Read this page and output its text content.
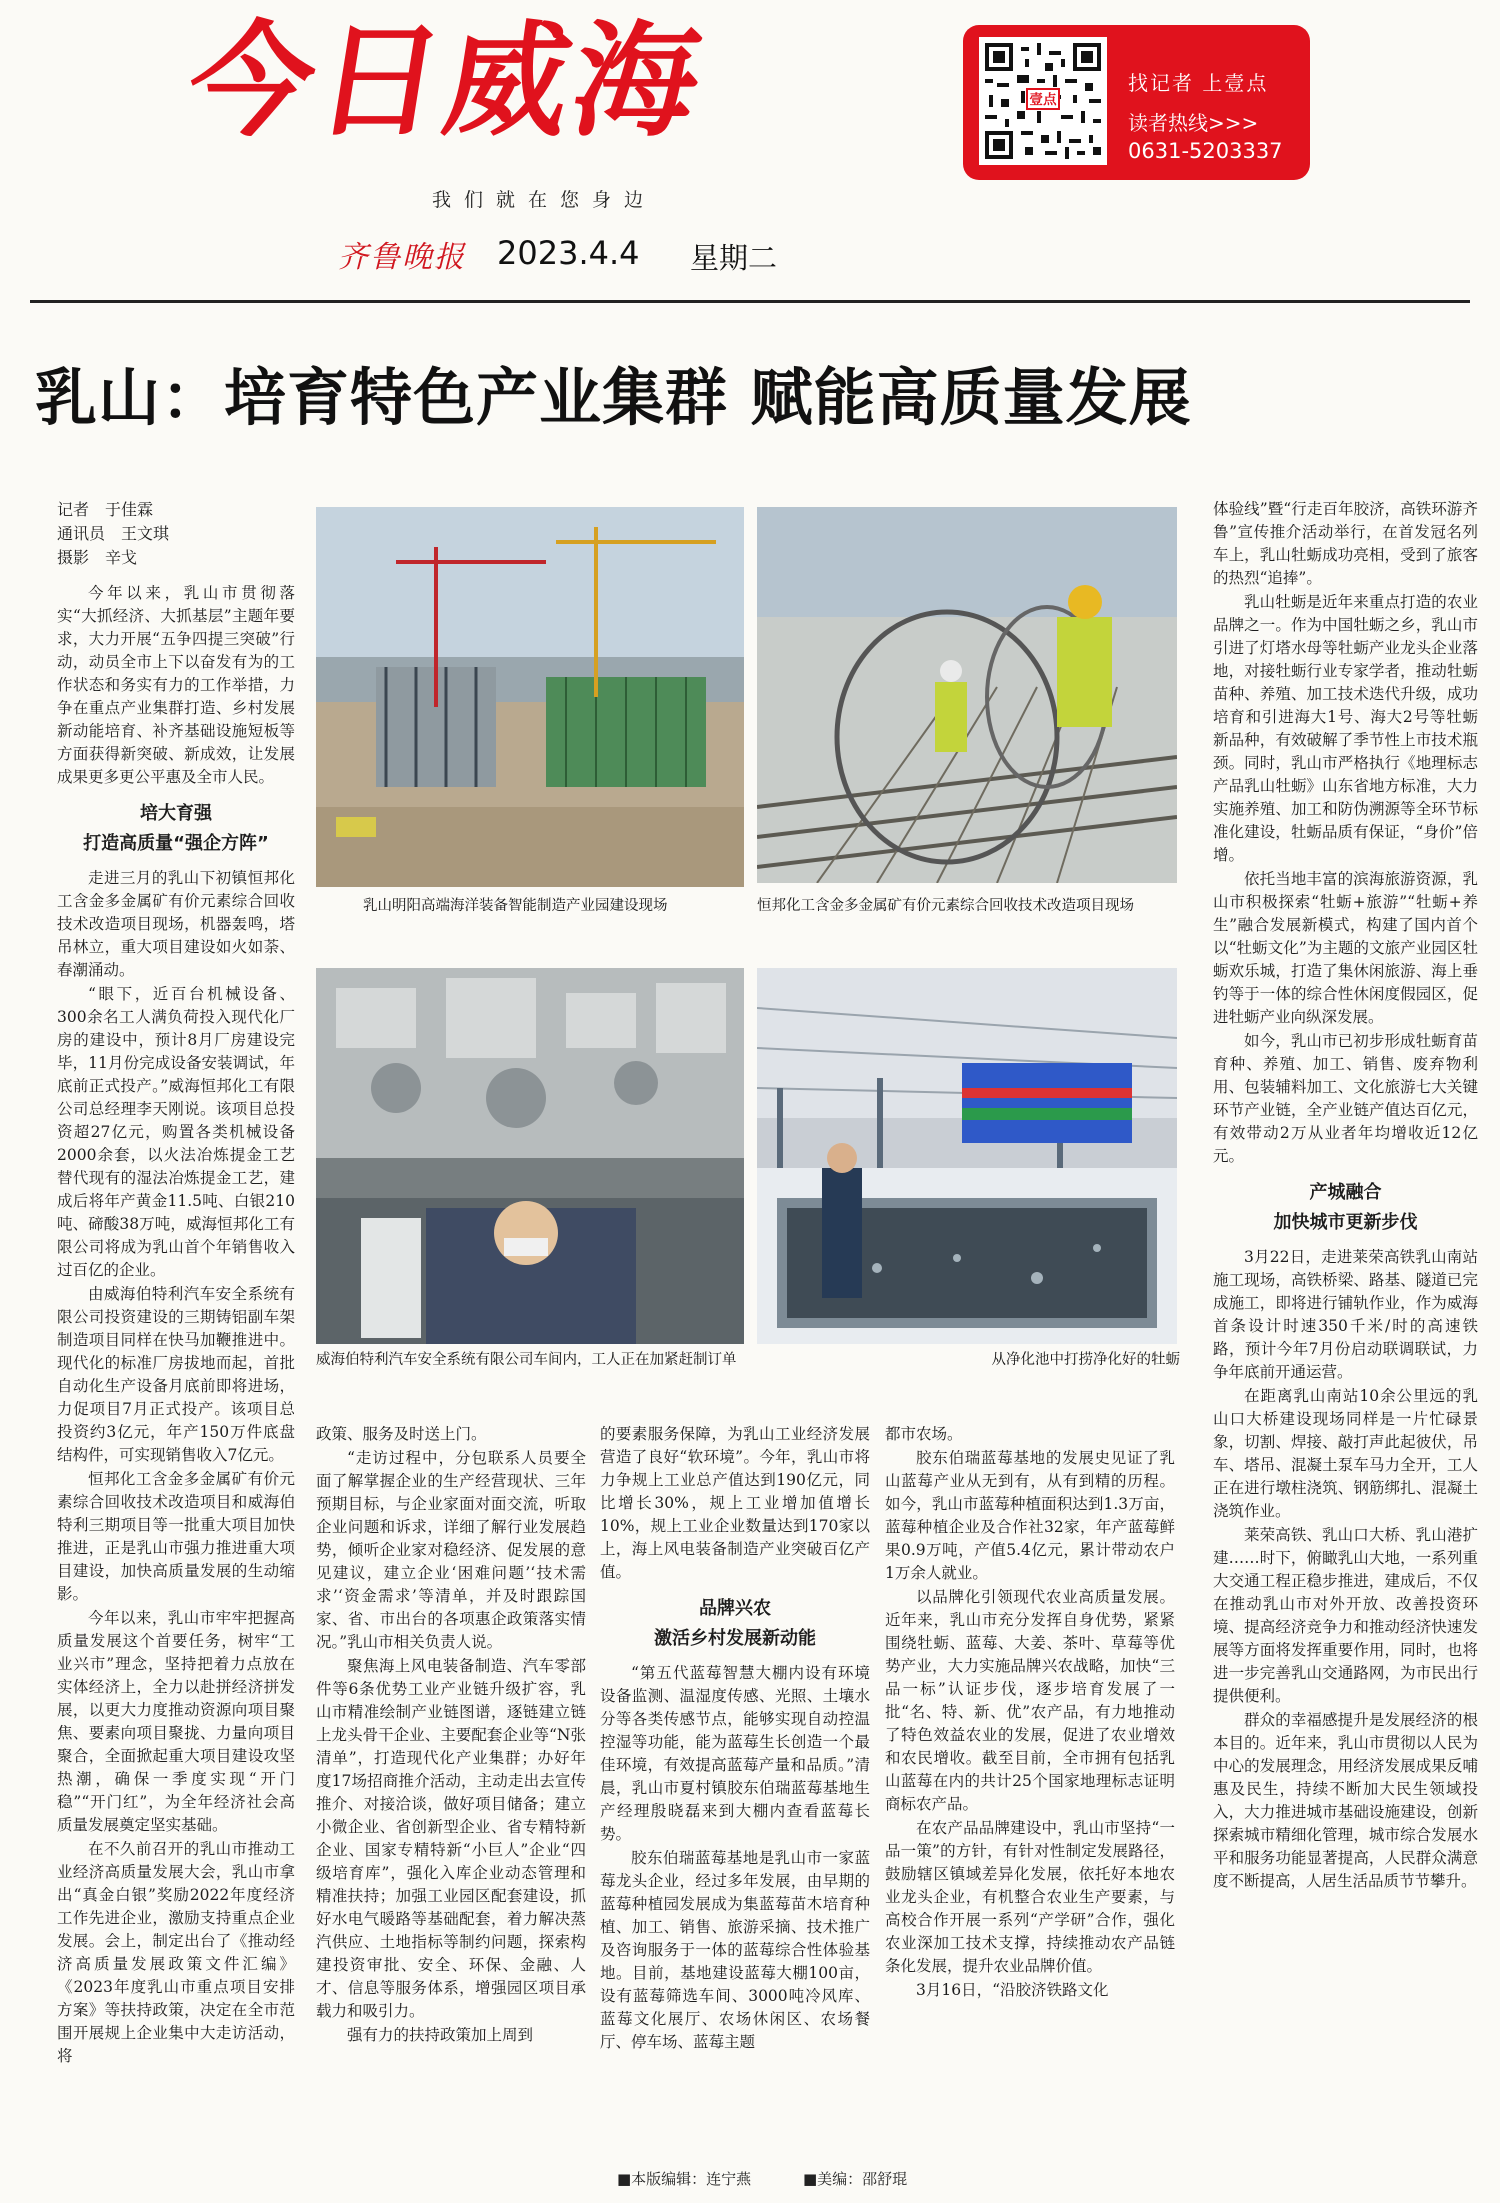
今日威海
我们就在您身边
齐鲁晚报 2023.4.4 星期二
壹点
找记者 上壹点
读者热线>>>
0631-5203337
乳山：培育特色产业集群 赋能高质量发展
记者　于佳霖
通讯员　王文琪
摄影　辛戈

今年以来，乳山市贯彻落实“大抓经济、大抓基层”主题年要求，大力开展“五争四提三突破”行动，动员全市上下以奋发有为的工作状态和务实有力的工作举措，力争在重点产业集群打造、乡村发展新动能培育、补齐基础设施短板等方面获得新突破、新成效，让发展成果更多更公平惠及全市人民。

培大育强
打造高质量“强企方阵”

走进三月的乳山下初镇恒邦化工含金多金属矿有价元素综合回收技术改造项目现场，机器轰鸣，塔吊林立，重大项目建设如火如荼、春潮涌动。

“眼下，近百台机械设备、300余名工人满负荷投入现代化厂房的建设中，预计8月厂房建设完毕，11月份完成设备安装调试，年底前正式投产。”威海恒邦化工有限公司总经理李天刚说。该项目总投资超27亿元，购置各类机械设备2000余套，以火法冶炼提金工艺替代现有的湿法冶炼提金工艺，建成后将年产黄金11.5吨、白银210吨、碲酸38万吨，威海恒邦化工有限公司将成为乳山首个年销售收入过百亿的企业。

由威海伯特利汽车安全系统有限公司投资建设的三期铸铝副车架制造项目同样在快马加鞭推进中。现代化的标准厂房拔地而起，首批自动化生产设备月底前即将进场，力促项目7月正式投产。该项目总投资约3亿元，年产150万件底盘结构件，可实现销售收入7亿元。

恒邦化工含金多金属矿有价元素综合回收技术改造项目和威海伯特利三期项目等一批重大项目加快推进，正是乳山市强力推进重大项目建设，加快高质量发展的生动缩影。

今年以来，乳山市牢牢把握高质量发展这个首要任务，树牢“工业兴市”理念，坚持把着力点放在实体经济上，全力以赴拼经济拼发展，以更大力度推动资源向项目聚焦、要素向项目聚拢、力量向项目聚合，全面掀起重大项目建设攻坚热潮，确保一季度实现“开门稳”“开门红”，为全年经济社会高质量发展奠定坚实基础。

在不久前召开的乳山市推动工业经济高质量发展大会，乳山市拿出“真金白银”奖励2022年度经济工作先进企业，激励支持重点企业发展。会上，制定出台了《推动经济高质量发展政策文件汇编》《2023年度乳山市重点项目安排方案》等扶持政策，决定在全市范围开展规上企业集中大走访活动，将

乳山明阳高端海洋装备智能制造产业园建设现场	恒邦化工含金多金属矿有价元素综合回收技术改造项目现场
威海伯特利汽车安全系统有限公司车间内，工人正在加紧赶制订单	从净化池中打捞净化好的牡蛎

政策、服务及时送上门。

“走访过程中，分包联系人员要全面了解掌握企业的生产经营现状、三年预期目标，与企业家面对面交流，听取企业问题和诉求，详细了解行业发展趋势，倾听企业家对稳经济、促发展的意见建议，建立企业‘困难问题’‘技术需求’‘资金需求’等清单，并及时跟踪国家、省、市出台的各项惠企政策落实情况。”乳山市相关负责人说。

聚焦海上风电装备制造、汽车零部件等6条优势工业产业链升级扩容，乳山市精准绘制产业链图谱，逐链建立链上龙头骨干企业、主要配套企业等“N张清单”，打造现代化产业集群；办好年度17场招商推介活动，主动走出去宣传推介、对接洽谈，做好项目储备；建立小微企业、省创新型企业、省专精特新企业、国家专精特新“小巨人”企业“四级培育库”，强化入库企业动态管理和精准扶持；加强工业园区配套建设，抓好水电气暖路等基础配套，着力解决蒸汽供应、土地指标等制约问题，探索构建投资审批、安全、环保、金融、人才、信息等服务体系，增强园区项目承载力和吸引力。

强有力的扶持政策加上周到

的要素服务保障，为乳山工业经济发展营造了良好“软环境”。今年，乳山市将力争规上工业总产值达到190亿元，同比增长30%，规上工业增加值增长10%，规上工业企业数量达到170家以上，海上风电装备制造产业突破百亿产值。

品牌兴农
激活乡村发展新动能

“第五代蓝莓智慧大棚内设有环境设备监测、温湿度传感、光照、土壤水分等各类传感节点，能够实现自动控温控湿等功能，能为蓝莓生长创造一个最佳环境，有效提高蓝莓产量和品质。”清晨，乳山市夏村镇胶东伯瑞蓝莓基地生产经理殷晓磊来到大棚内查看蓝莓长势。

胶东伯瑞蓝莓基地是乳山市一家蓝莓龙头企业，经过多年发展，由早期的蓝莓种植园发展成为集蓝莓苗木培育种植、加工、销售、旅游采摘、技术推广及咨询服务于一体的蓝莓综合性体验基地。目前，基地建设蓝莓大棚100亩，设有蓝莓筛选车间、3000吨冷风库、蓝莓文化展厅、农场休闲区、农场餐厅、停车场、蓝莓主题

都市农场。

胶东伯瑞蓝莓基地的发展史见证了乳山蓝莓产业从无到有，从有到精的历程。如今，乳山市蓝莓种植面积达到1.3万亩，蓝莓种植企业及合作社32家，年产蓝莓鲜果0.9万吨，产值5.4亿元，累计带动农户1万余人就业。

以品牌化引领现代农业高质量发展。近年来，乳山市充分发挥自身优势，紧紧围绕牡蛎、蓝莓、大姜、茶叶、草莓等优势产业，大力实施品牌兴农战略，加快“三品一标”认证步伐，逐步培育发展了一批“名、特、新、优”农产品，有力地推动了特色效益农业的发展，促进了农业增效和农民增收。截至目前，全市拥有包括乳山蓝莓在内的共计25个国家地理标志证明商标农产品。

在农产品品牌建设中，乳山市坚持“一品一策”的方针，有针对性制定发展路径，鼓励辖区镇域差异化发展，依托好本地农业龙头企业，有机整合农业生产要素，与高校合作开展一系列“产学研”合作，强化农业深加工技术支撑，持续推动农产品链条化发展，提升农业品牌价值。

3月16日，“沿胶济铁路文化

体验线”暨“行走百年胶济，高铁环游齐鲁”宣传推介活动举行，在首发冠名列车上，乳山牡蛎成功亮相，受到了旅客的热烈“追捧”。

乳山牡蛎是近年来重点打造的农业品牌之一。作为中国牡蛎之乡，乳山市引进了灯塔水母等牡蛎产业龙头企业落地，对接牡蛎行业专家学者，推动牡蛎苗种、养殖、加工技术迭代升级，成功培育和引进海大1号、海大2号等牡蛎新品种，有效破解了季节性上市技术瓶颈。同时，乳山市严格执行《地理标志产品乳山牡蛎》山东省地方标准，大力实施养殖、加工和防伪溯源等全环节标准化建设，牡蛎品质有保证，“身价”倍增。

依托当地丰富的滨海旅游资源，乳山市积极探索“牡蛎+旅游”“牡蛎+养生”融合发展新模式，构建了国内首个以“牡蛎文化”为主题的文旅产业园区牡蛎欢乐城，打造了集休闲旅游、海上垂钓等于一体的综合性休闲度假园区，促进牡蛎产业向纵深发展。

如今，乳山市已初步形成牡蛎育苗育种、养殖、加工、销售、废弃物利用、包装辅料加工、文化旅游七大关键环节产业链，全产业链产值达百亿元，有效带动2万从业者年均增收近12亿元。

产城融合
加快城市更新步伐

3月22日，走进莱荣高铁乳山南站施工现场，高铁桥梁、路基、隧道已完成施工，即将进行铺轨作业，作为威海首条设计时速350千米/时的高速铁路，预计今年7月份启动联调联试，力争年底前开通运营。

在距离乳山南站10余公里远的乳山口大桥建设现场同样是一片忙碌景象，切割、焊接、敲打声此起彼伏，吊车、塔吊、混凝土泵车马力全开，工人正在进行墩柱浇筑、钢筋绑扎、混凝土浇筑作业。

莱荣高铁、乳山口大桥、乳山港扩建……时下，俯瞰乳山大地，一系列重大交通工程正稳步推进，建成后，不仅在推动乳山市对外开放、改善投资环境、提高经济竞争力和推动经济快速发展等方面将发挥重要作用，同时，也将进一步完善乳山交通路网，为市民出行提供便利。

群众的幸福感提升是发展经济的根本目的。近年来，乳山市贯彻以人民为中心的发展理念，用经济发展成果反哺惠及民生，持续不断加大民生领域投入，大力推进城市基础设施建设，创新探索城市精细化管理，城市综合发展水平和服务功能显著提高，人民群众满意度不断提高，人居生活品质节节攀升。

■本版编辑：连宁燕	■美编：邵舒琨
